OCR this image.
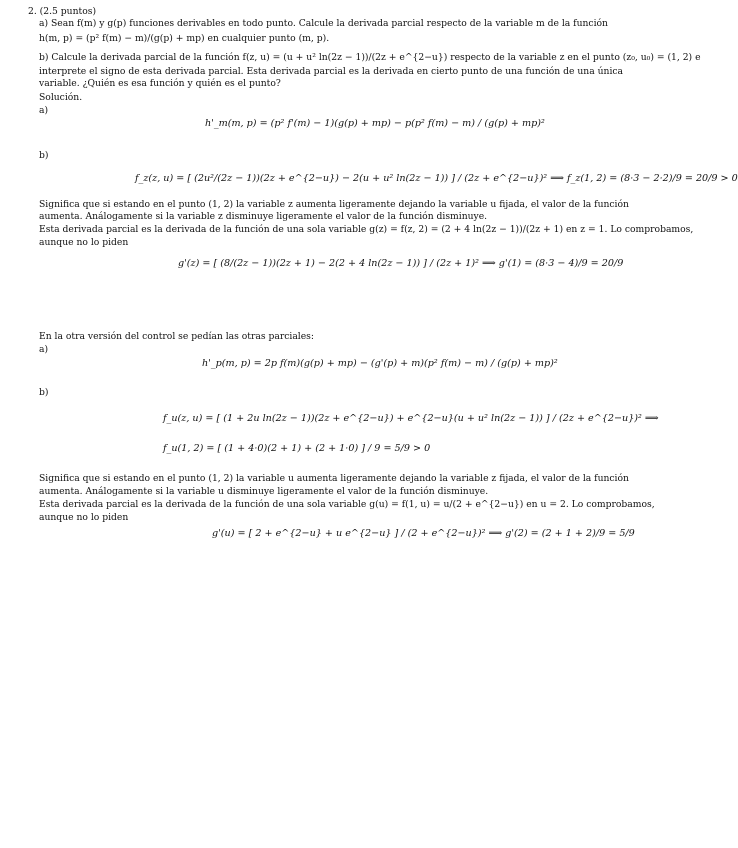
2. (2.5 puntos)
a) Sean f(m) y g(p) funciones derivables en todo punto. Calcule la derivada parcial respecto de la variable m de la función
h(m, p) = (p² f(m) − m)/(g(p) + mp) en cualquier punto (m, p).
b) Calcule la derivada parcial de la función f(z, u) = (u + u² ln(2z − 1))/(2z + e^{2−u}) respecto de la variable z en el punto (z₀, u₀) = (1, 2) e
interprete el signo de esta derivada parcial. Esta derivada parcial es la derivada en cierto punto de una función de una única
variable. ¿Quién es esa función y quién es el punto?
Solución.
a)
h'_m(m, p) = (p² f'(m) − 1)(g(p) + mp) − p(p² f(m) − m) / (g(p) + mp)²
b)
f_z(z, u) = [ (2u²/(2z − 1))(2z + e^{2−u}) − 2(u + u² ln(2z − 1)) ] / (2z + e^{2−u})² ⟹ f_z(1, 2) = (8·3 − 2·2)/9 = 20/9 > 0
Significa que si estando en el punto (1, 2) la variable z aumenta ligeramente dejando la variable u fijada, el valor de la función
aumenta. Análogamente si la variable z disminuye ligeramente el valor de la función disminuye.
Esta derivada parcial es la derivada de la función de una sola variable g(z) = f(z, 2) = (2 + 4 ln(2z − 1))/(2z + 1) en z = 1. Lo comprobamos,
aunque no lo piden
g'(z) = [ (8/(2z − 1))(2z + 1) − 2(2 + 4 ln(2z − 1)) ] / (2z + 1)² ⟹ g'(1) = (8·3 − 4)/9 = 20/9
En la otra versión del control se pedían las otras parciales:
a)
h'_p(m, p) = 2p f(m)(g(p) + mp) − (g'(p) + m)(p² f(m) − m) / (g(p) + mp)²
b)
f_u(z, u) = [ (1 + 2u ln(2z − 1))(2z + e^{2−u}) + e^{2−u}(u + u² ln(2z − 1)) ] / (2z + e^{2−u})² ⟹
f_u(1, 2) = [ (1 + 4·0)(2 + 1) + (2 + 1·0) ] / 9 = 5/9 > 0
Significa que si estando en el punto (1, 2) la variable u aumenta ligeramente dejando la variable z fijada, el valor de la función
aumenta. Análogamente si la variable u disminuye ligeramente el valor de la función disminuye.
Esta derivada parcial es la derivada de la función de una sola variable g(u) = f(1, u) = u/(2 + e^{2−u}) en u = 2. Lo comprobamos,
aunque no lo piden
g'(u) = [ 2 + e^{2−u} + u e^{2−u} ] / (2 + e^{2−u})² ⟹ g'(2) = (2 + 1 + 2)/9 = 5/9
